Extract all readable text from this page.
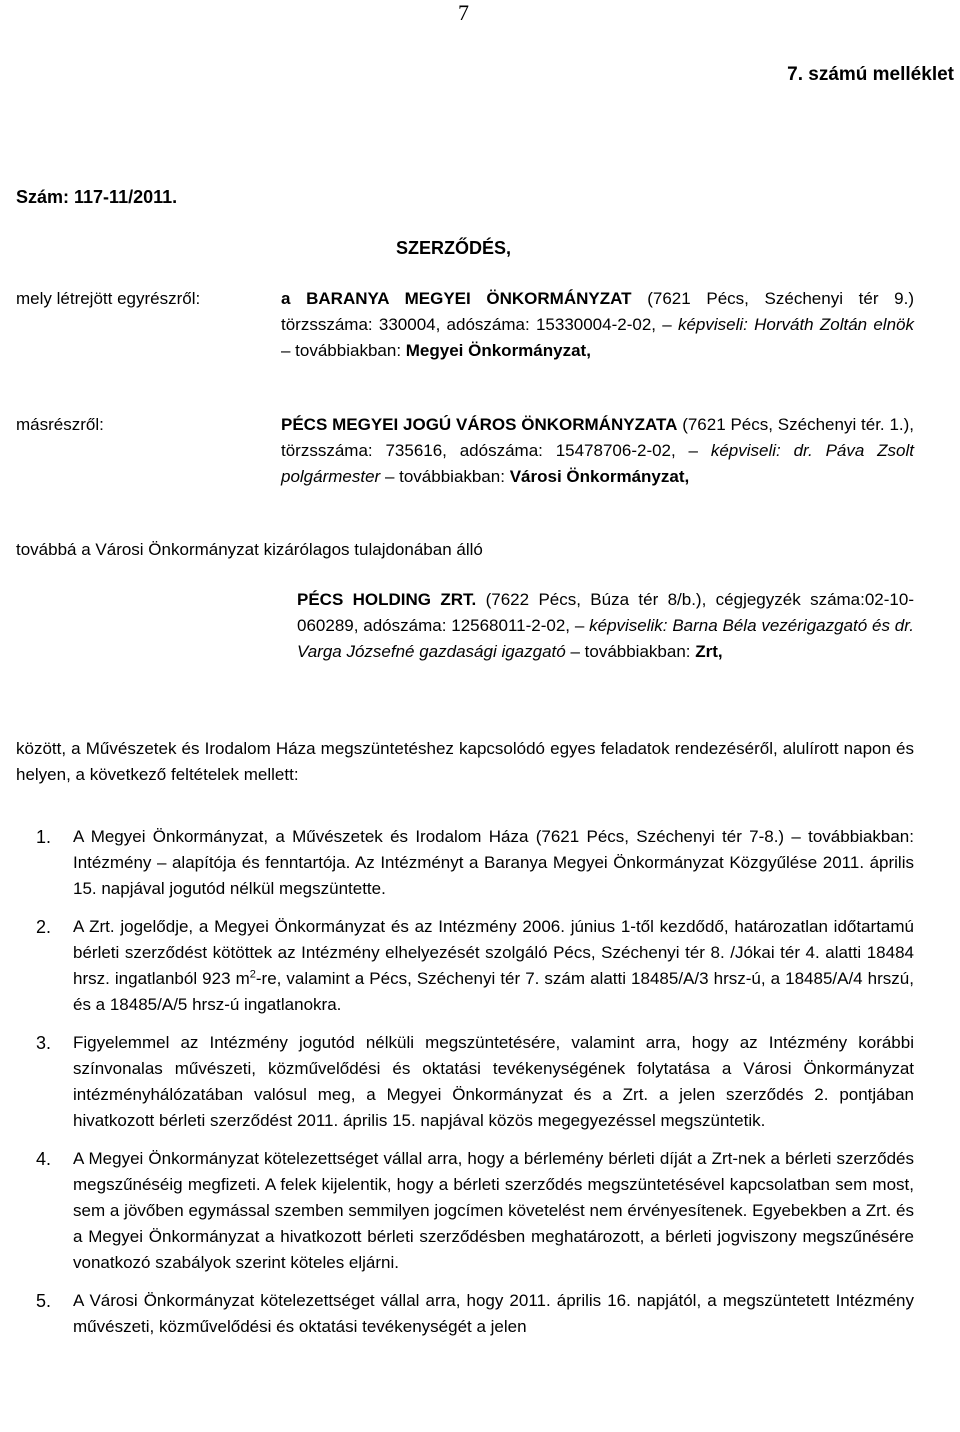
7
7. számú melléklet
Szám: 117-11/2011.
SZERZŐDÉS,
mely létrejött egyrészről:	a BARANYA MEGYEI ÖNKORMÁNYZAT (7621 Pécs, Széchenyi tér 9.) törzsszáma: 330004, adószáma: 15330004-2-02, – képviseli: Horváth Zoltán elnök – továbbiakban: Megyei Önkormányzat,
másrészről:	PÉCS MEGYEI JOGÚ VÁROS ÖNKORMÁNYZATA (7621 Pécs, Széchenyi tér. 1.), törzsszáma: 735616, adószáma: 15478706-2-02, – képviseli: dr. Páva Zsolt polgármester – továbbiakban: Városi Önkormányzat,
továbbá a Városi Önkormányzat kizárólagos tulajdonában álló
PÉCS HOLDING ZRT. (7622 Pécs, Búza tér 8/b.), cégjegyzék száma:02-10-060289, adószáma: 12568011-2-02, – képviselik: Barna Béla vezérigazgató és dr. Varga Józsefné gazdasági igazgató – továbbiakban: Zrt,
között, a Művészetek és Irodalom Háza megszüntetéshez kapcsolódó egyes feladatok rendezéséről, alulírott napon és helyen, a következő feltételek mellett:
1.	A Megyei Önkormányzat, a Művészetek és Irodalom Háza (7621 Pécs, Széchenyi tér 7-8.) – továbbiakban: Intézmény – alapítója és fenntartója. Az Intézményt a Baranya Megyei Önkormányzat Közgyűlése 2011. április 15. napjával jogutód nélkül megszüntette.
2.	A Zrt. jogelődje, a Megyei Önkormányzat és az Intézmény 2006. június 1-től kezdődő, határozatlan időtartamú bérleti szerződést kötöttek az Intézmény elhelyezését szolgáló Pécs, Széchenyi tér 8. /Jókai tér 4. alatti 18484 hrsz. ingatlanból 923 $m^2-re$, valamint a Pécs, Széchenyi tér 7. szám alatti 18485/A/3 hrsz-ú, a 18485/A/4 hrszú, és a 18485/A/5 hrsz-ú ingatlanokra.
3.	Figyelemmel az Intézmény jogutód nélküli megszüntetésére, valamint arra, hogy az Intézmény korábbi színvonalas művészeti, közművelődési és oktatási tevékenységének folytatása a Városi Önkormányzat intézményhálózatában valósul meg, a Megyei Önkormányzat és a Zrt. a jelen szerződés 2. pontjában hivatkozott bérleti szerződést 2011. április 15. napjával közös megegyezéssel megszüntetik.
4.	A Megyei Önkormányzat kötelezettséget vállal arra, hogy a bérlemény bérleti díját a Zrt-nek a bérleti szerződés megszűnéséig megfizeti. A felek kijelentik, hogy a bérleti szerződés megszüntetésével kapcsolatban sem most, sem a jövőben egymással szemben semmilyen jogcímen követelést nem érvényesítenek. Egyebekben a Zrt. és a Megyei Önkormányzat a hivatkozott bérleti szerződésben meghatározott, a bérleti jogviszony megszűnésére vonatkozó szabályok szerint köteles eljárni.
5.	A Városi Önkormányzat kötelezettséget vállal arra, hogy 2011. április 16. napjától, a megszüntetett Intézmény művészeti, közművelődési és oktatási tevékenységét a jelen
